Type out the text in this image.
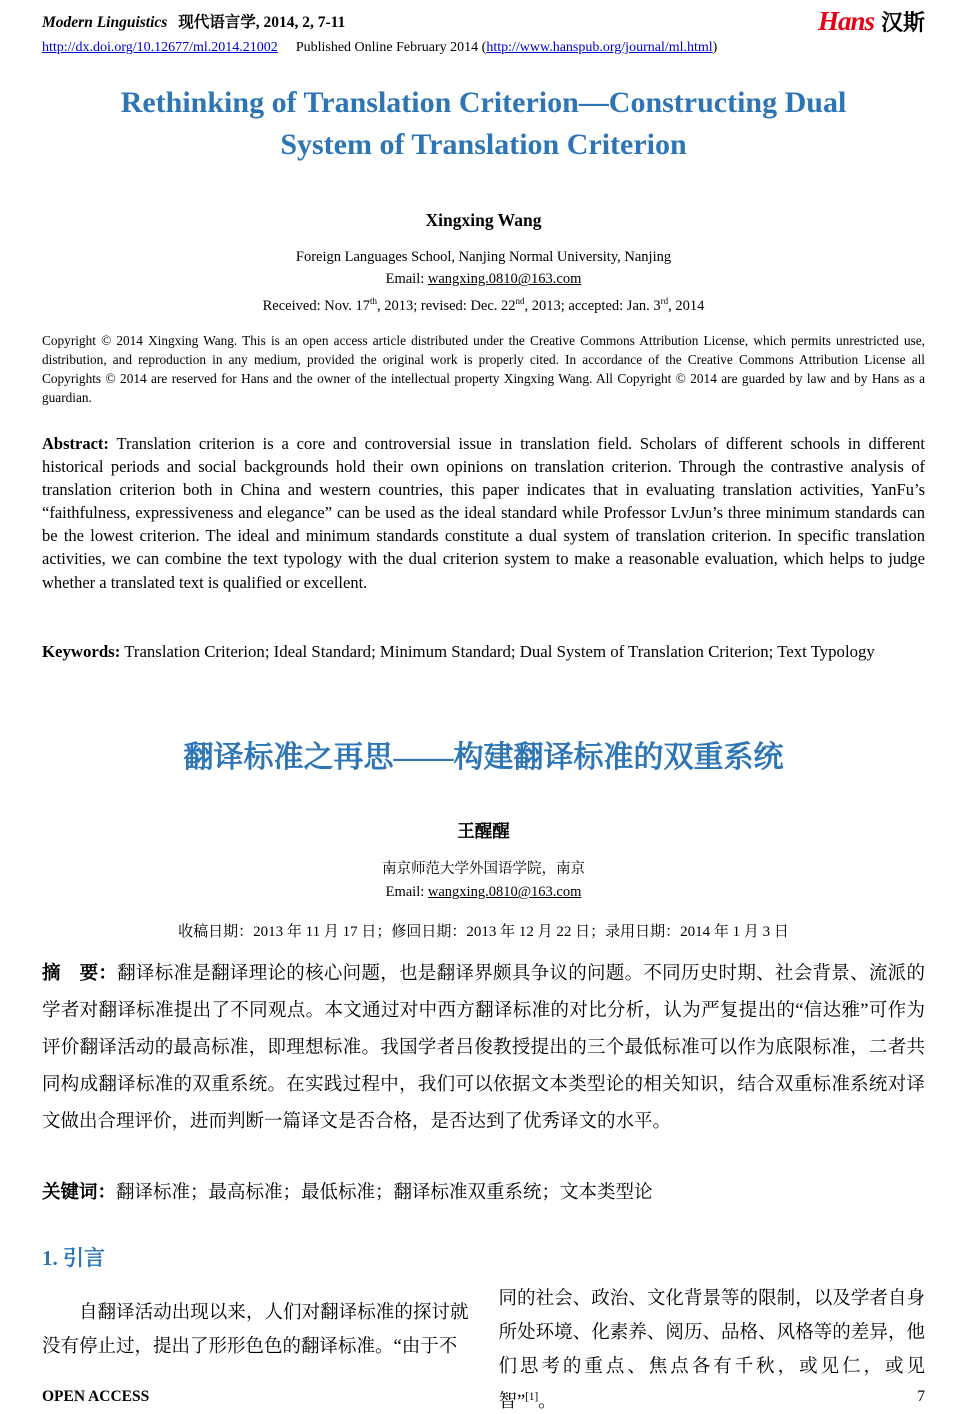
Modern Linguistics 现代语言学, 2014, 2, 7-11	Hans 汉斯
http://dx.doi.org/10.12677/ml.2014.21002 Published Online February 2014 (http://www.hanspub.org/journal/ml.html)
Rethinking of Translation Criterion—Constructing Dual
System of Translation Criterion
Xingxing Wang
Foreign Languages School, Nanjing Normal University, Nanjing
Email: wangxing.0810@163.com
Received: Nov. 17th, 2013; revised: Dec. 22nd, 2013; accepted: Jan. 3rd, 2014

Copyright © 2014 Xingxing Wang. This is an open access article distributed under the Creative Commons Attribution License, which permits unrestricted use, distribution, and reproduction in any medium, provided the original work is properly cited. In accordance of the Creative Commons Attribution License all Copyrights © 2014 are reserved for Hans and the owner of the intellectual property Xingxing Wang. All Copyright © 2014 are guarded by law and by Hans as a guardian.

Abstract: Translation criterion is a core and controversial issue in translation field. Scholars of different schools in different historical periods and social backgrounds hold their own opinions on translation criterion. Through the contrastive analysis of translation criterion both in China and western countries, this paper indicates that in evaluating translation activities, YanFu’s “faithfulness, expressiveness and elegance” can be used as the ideal standard while Professor LvJun’s three minimum standards can be the lowest criterion. The ideal and minimum standards constitute a dual system of translation criterion. In specific translation activities, we can combine the text typology with the dual criterion system to make a reasonable evaluation, which helps to judge whether a translated text is qualified or excellent.

Keywords: Translation Criterion; Ideal Standard; Minimum Standard; Dual System of Translation Criterion; Text Typology

翻译标准之再思——构建翻译标准的双重系统
王醒醒
南京师范大学外国语学院，南京
Email: wangxing.0810@163.com
收稿日期：2013 年 11 月 17 日；修回日期：2013 年 12 月 22 日；录用日期：2014 年 1 月 3 日

摘　要：翻译标准是翻译理论的核心问题，也是翻译界颇具争议的问题。不同历史时期、社会背景、流派的学者对翻译标准提出了不同观点。本文通过对中西方翻译标准的对比分析，认为严复提出的“信达雅”可作为评价翻译活动的最高标准，即理想标准。我国学者吕俊教授提出的三个最低标准可以作为底限标准，二者共同构成翻译标准的双重系统。在实践过程中，我们可以依据文本类型论的相关知识，结合双重标准系统对译文做出合理评价，进而判断一篇译文是否合格，是否达到了优秀译文的水平。

关键词：翻译标准；最高标准；最低标准；翻译标准双重系统；文本类型论

1. 引言

自翻译活动出现以来，人们对翻译标准的探讨就没有停止过，提出了形形色色的翻译标准。“由于不

同的社会、政治、文化背景等的限制，以及学者自身所处环境、化素养、阅历、品格、风格等的差异，他们思考的重点、焦点各有千秋，或见仁，或见智”[1]。

OPEN ACCESS	7
